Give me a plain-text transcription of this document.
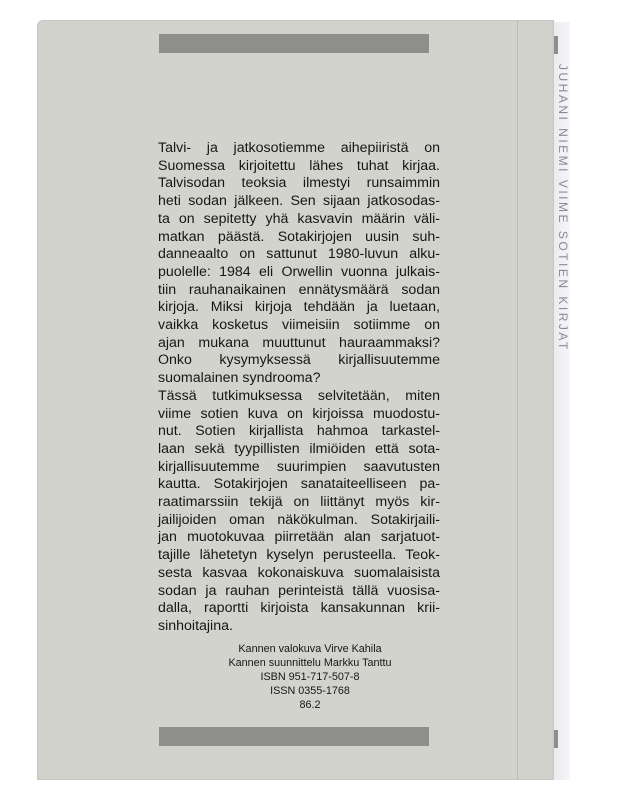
JUHANI NIEMI VIIME SOTIEN KIRJAT
Talvi- ja jatkosotiemme aihepiiristä on
Suomessa kirjoitettu lähes tuhat kirjaa.
Talvisodan teoksia ilmestyi runsaimmin
heti sodan jälkeen. Sen sijaan jatkosodas-
ta on sepitetty yhä kasvavin määrin väli-
matkan päästä. Sotakirjojen uusin suh-
danneaalto on sattunut 1980-luvun alku-
puolelle: 1984 eli Orwellin vuonna julkais-
tiin rauhanaikainen ennätysmäärä sodan
kirjoja. Miksi kirjoja tehdään ja luetaan,
vaikka kosketus viimeisiin sotiimme on
ajan mukana muuttunut hauraammaksi?
Onko kysymyksessä kirjallisuutemme
suomalainen syndrooma?
Tässä tutkimuksessa selvitetään, miten
viime sotien kuva on kirjoissa muodostu-
nut. Sotien kirjallista hahmoa tarkastel-
laan sekä tyypillisten ilmiöiden että sota-
kirjallisuutemme suurimpien saavutusten
kautta. Sotakirjojen sanataiteelliseen pa-
raatimarssiin tekijä on liittänyt myös kir-
jailijoiden oman näkökulman. Sotakirjaili-
jan muotokuvaa piirretään alan sarjatuot-
tajille lähetetyn kyselyn perusteella. Teok-
sesta kasvaa kokonaiskuva suomalaisista
sodan ja rauhan perinteistä tällä vuosisa-
dalla, raportti kirjoista kansakunnan krii-
sinhoitajina.
Kannen valokuva Virve Kahila
Kannen suunnittelu Markku Tanttu
ISBN 951-717-507-8
ISSN 0355-1768
86.2
